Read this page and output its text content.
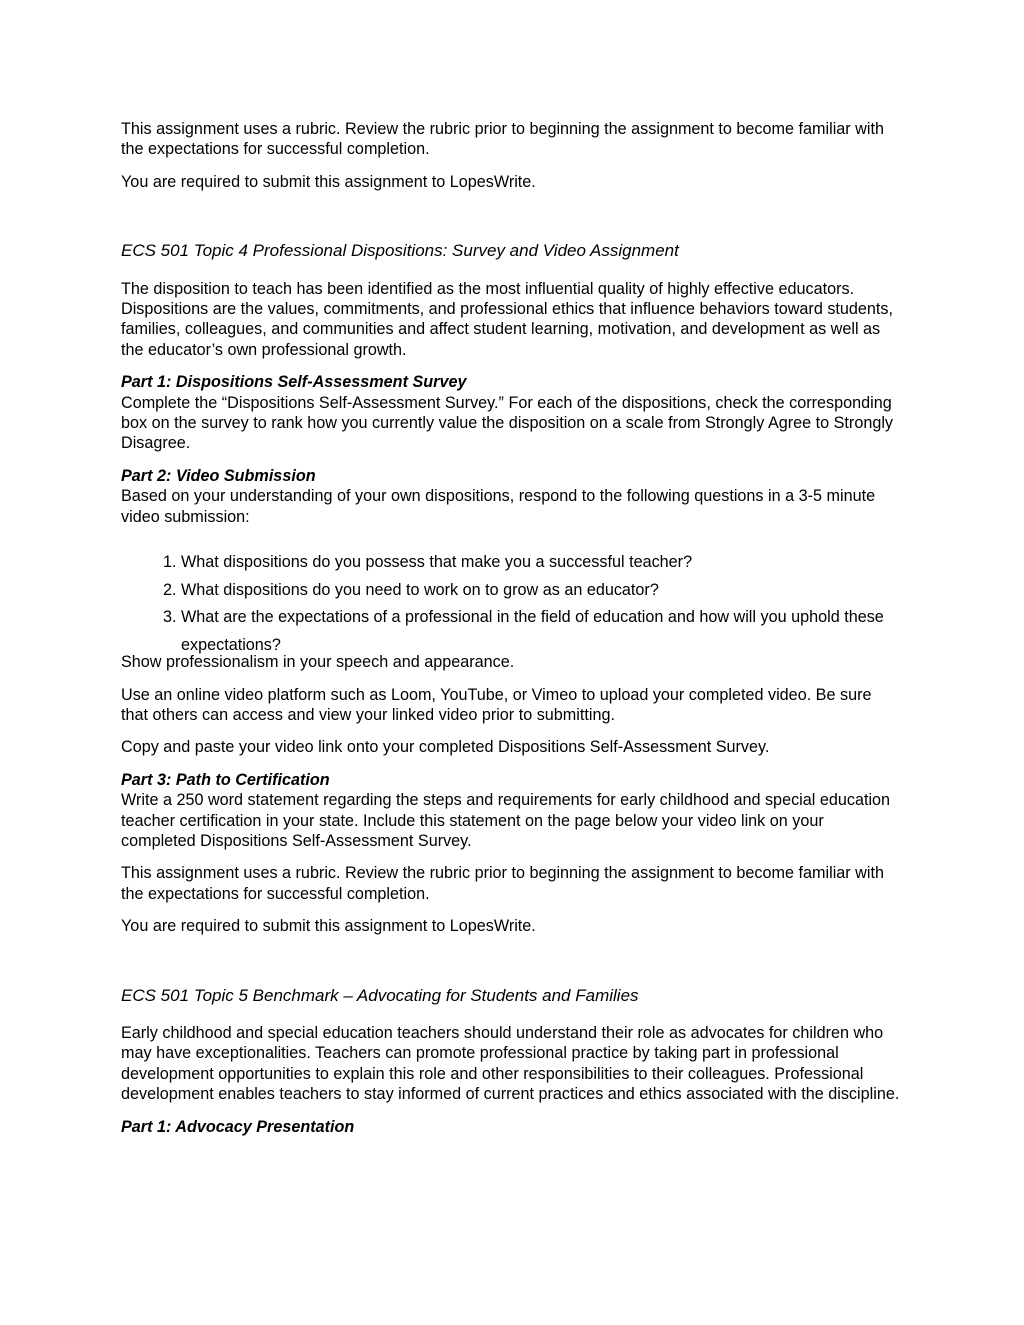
This assignment uses a rubric. Review the rubric prior to beginning the assignment to become familiar with the expectations for successful completion.

You are required to submit this assignment to LopesWrite.

ECS 501 Topic 4 Professional Dispositions: Survey and Video Assignment

The disposition to teach has been identified as the most influential quality of highly effective educators. Dispositions are the values, commitments, and professional ethics that influence behaviors toward students, families, colleagues, and communities and affect student learning, motivation, and development as well as the educator’s own professional growth.

Part 1: Dispositions Self-Assessment Survey
Complete the “Dispositions Self-Assessment Survey.” For each of the dispositions, check the corresponding box on the survey to rank how you currently value the disposition on a scale from Strongly Agree to Strongly Disagree.

Part 2: Video Submission
Based on your understanding of your own dispositions, respond to the following questions in a 3-5 minute video submission:

1. What dispositions do you possess that make you a successful teacher?
2. What dispositions do you need to work on to grow as an educator?
3. What are the expectations of a professional in the field of education and how will you uphold these expectations?

Show professionalism in your speech and appearance.

Use an online video platform such as Loom, YouTube, or Vimeo to upload your completed video. Be sure that others can access and view your linked video prior to submitting.

Copy and paste your video link onto your completed Dispositions Self-Assessment Survey.

Part 3: Path to Certification
Write a 250 word statement regarding the steps and requirements for early childhood and special education teacher certification in your state. Include this statement on the page below your video link on your completed Dispositions Self-Assessment Survey.

This assignment uses a rubric. Review the rubric prior to beginning the assignment to become familiar with the expectations for successful completion.

You are required to submit this assignment to LopesWrite.

ECS 501 Topic 5 Benchmark – Advocating for Students and Families

Early childhood and special education teachers should understand their role as advocates for children who may have exceptionalities. Teachers can promote professional practice by taking part in professional development opportunities to explain this role and other responsibilities to their colleagues. Professional development enables teachers to stay informed of current practices and ethics associated with the discipline.

Part 1: Advocacy Presentation
